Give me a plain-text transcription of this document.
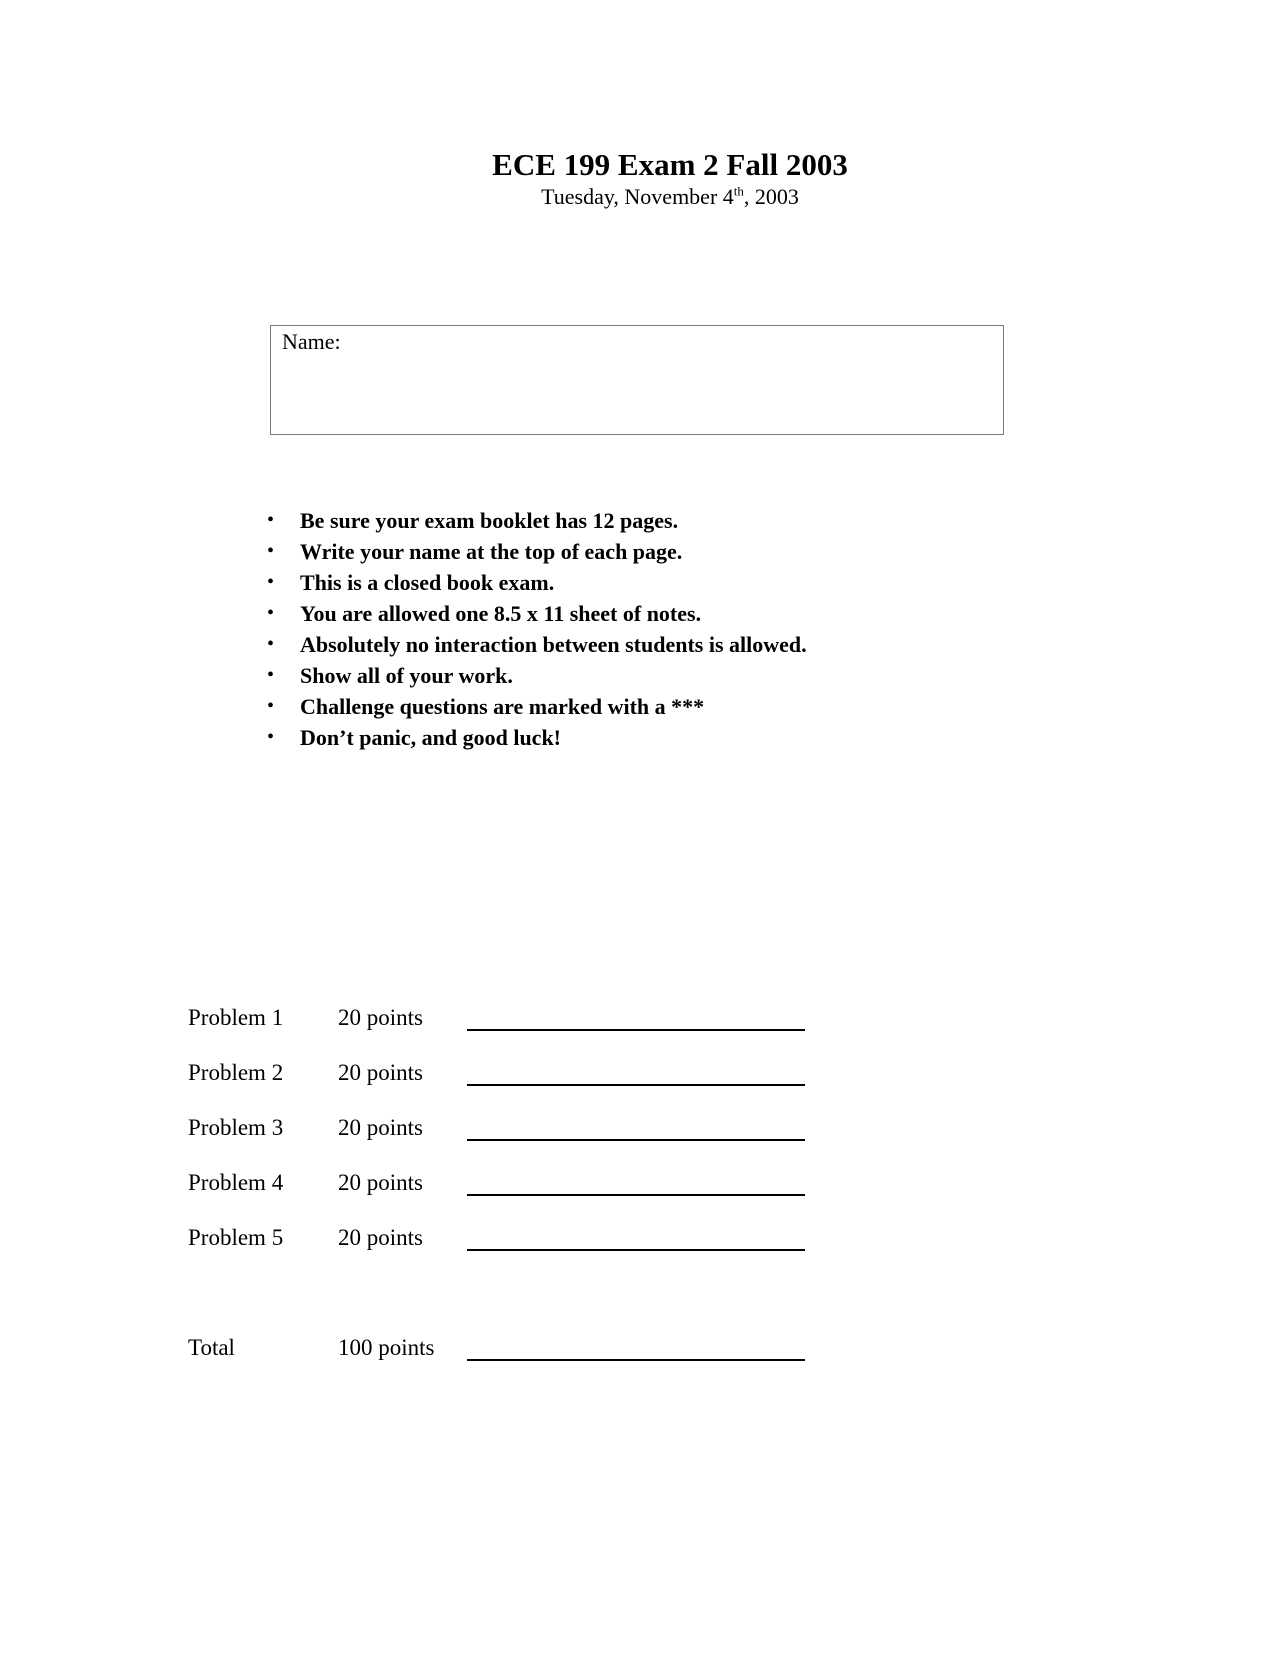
ECE 199 Exam 2 Fall 2003

Tuesday, November 4th, 2003

Name:
• Be sure your exam booklet has 12 pages.
• Write your name at the top of each page.
• This is a closed book exam.
• You are allowed one 8.5 x 11 sheet of notes.
• Absolutely no interaction between students is allowed.
• Show all of your work.
• Challenge questions are marked with a ***
• Don’t panic, and good luck!
Problem 1 20 points
Problem 2 20 points
Problem 3 20 points
Problem 4 20 points
Problem 5 20 points
Total	100 points
